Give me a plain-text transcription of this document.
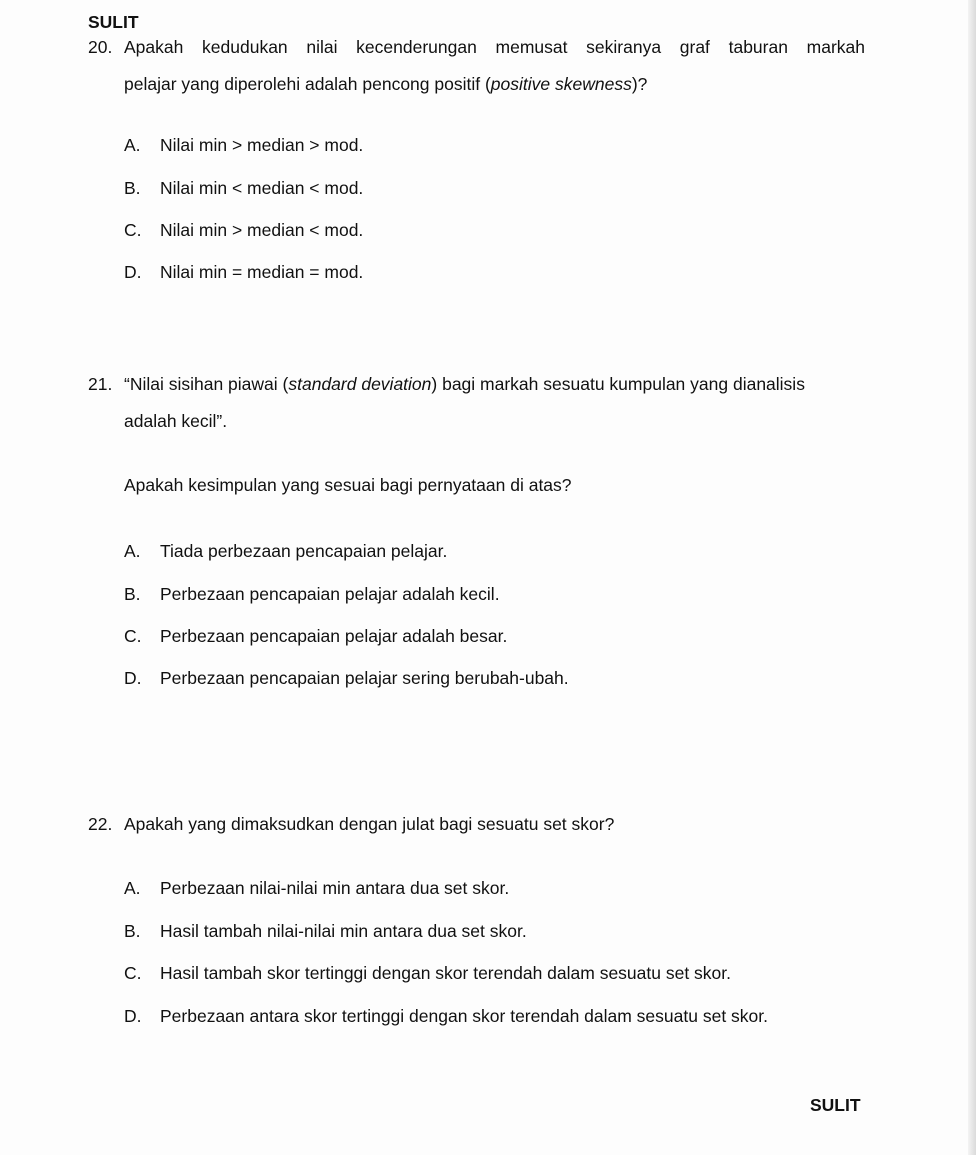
SULIT
20. Apakah kedudukan nilai kecenderungan memusat sekiranya graf taburan markah
pelajar yang diperolehi adalah pencong positif (positive skewness)?
A. Nilai min > median > mod.
B. Nilai min < median < mod.
C. Nilai min > median < mod.
D. Nilai min = median = mod.
21. “Nilai sisihan piawai (standard deviation) bagi markah sesuatu kumpulan yang dianalisis
adalah kecil”.
Apakah kesimpulan yang sesuai bagi pernyataan di atas?
A. Tiada perbezaan pencapaian pelajar.
B. Perbezaan pencapaian pelajar adalah kecil.
C. Perbezaan pencapaian pelajar adalah besar.
D. Perbezaan pencapaian pelajar sering berubah-ubah.
22. Apakah yang dimaksudkan dengan julat bagi sesuatu set skor?
A. Perbezaan nilai-nilai min antara dua set skor.
B. Hasil tambah nilai-nilai min antara dua set skor.
C. Hasil tambah skor tertinggi dengan skor terendah dalam sesuatu set skor.
D. Perbezaan antara skor tertinggi dengan skor terendah dalam sesuatu set skor.
SULIT
